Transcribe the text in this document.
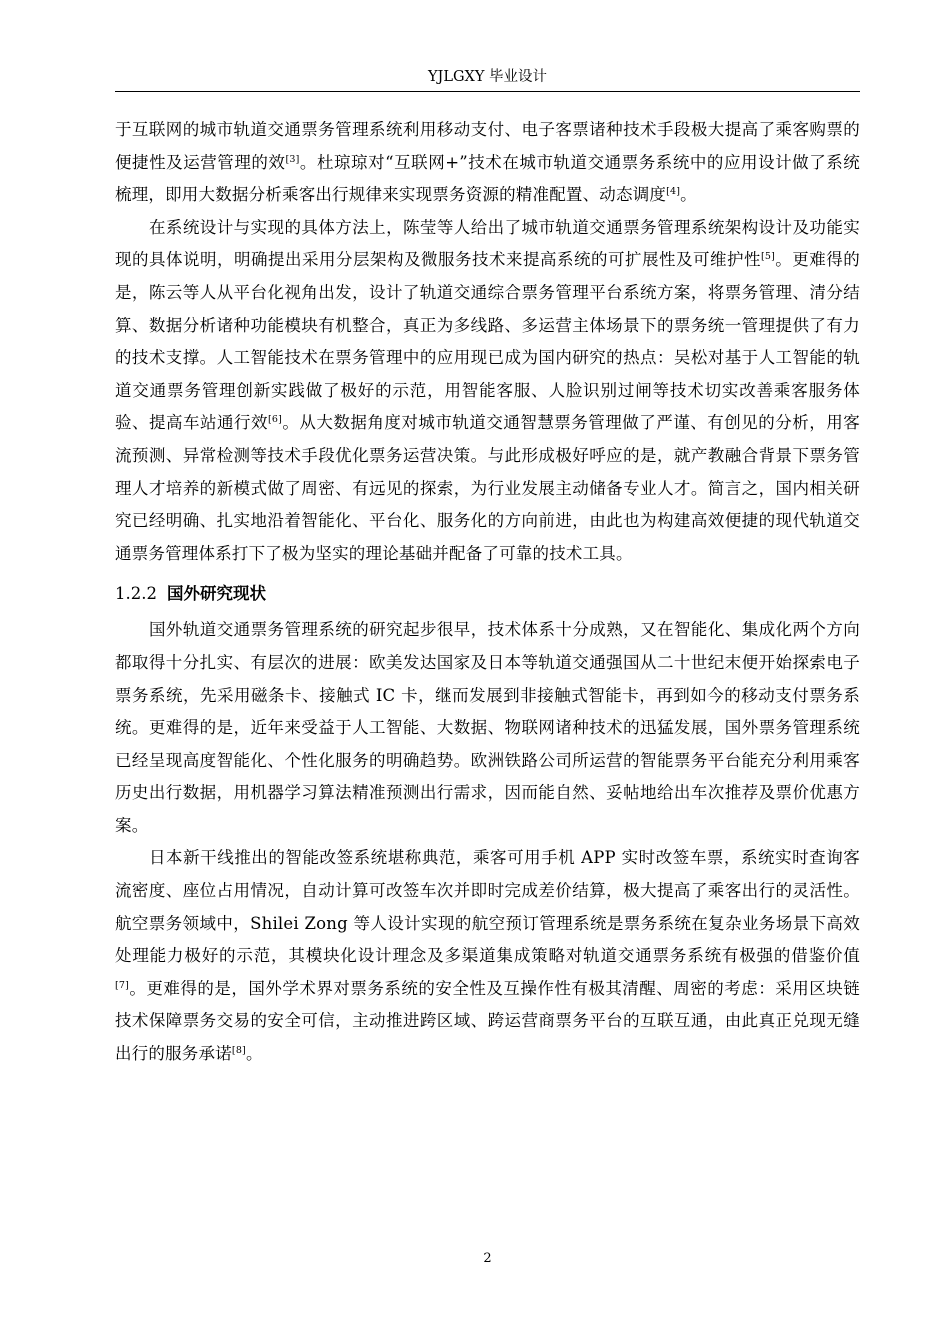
YJLGXY 毕业设计

于互联网的城市轨道交通票务管理系统利用移动支付、电子客票诸种技术手段极大提高了乘客购票的便捷性及运营管理的效[3]。杜琼琼对“互联网+”技术在城市轨道交通票务系统中的应用设计做了系统梳理，即用大数据分析乘客出行规律来实现票务资源的精准配置、动态调度[4]。

在系统设计与实现的具体方法上，陈莹等人给出了城市轨道交通票务管理系统架构设计及功能实现的具体说明，明确提出采用分层架构及微服务技术来提高系统的可扩展性及可维护性[5]。更难得的是，陈云等人从平台化视角出发，设计了轨道交通综合票务管理平台系统方案，将票务管理、清分结算、数据分析诸种功能模块有机整合，真正为多线路、多运营主体场景下的票务统一管理提供了有力的技术支撑。人工智能技术在票务管理中的应用现已成为国内研究的热点：吴松对基于人工智能的轨道交通票务管理创新实践做了极好的示范，用智能客服、人脸识别过闸等技术切实改善乘客服务体验、提高车站通行效[6]。从大数据角度对城市轨道交通智慧票务管理做了严谨、有创见的分析，用客流预测、异常检测等技术手段优化票务运营决策。与此形成极好呼应的是，就产教融合背景下票务管理人才培养的新模式做了周密、有远见的探索，为行业发展主动储备专业人才。简言之，国内相关研究已经明确、扎实地沿着智能化、平台化、服务化的方向前进，由此也为构建高效便捷的现代轨道交通票务管理体系打下了极为坚实的理论基础并配备了可靠的技术工具。

1.2.2 国外研究现状

国外轨道交通票务管理系统的研究起步很早，技术体系十分成熟，又在智能化、集成化两个方向都取得十分扎实、有层次的进展：欧美发达国家及日本等轨道交通强国从二十世纪末便开始探索电子票务系统，先采用磁条卡、接触式 IC 卡，继而发展到非接触式智能卡，再到如今的移动支付票务系统。更难得的是，近年来受益于人工智能、大数据、物联网诸种技术的迅猛发展，国外票务管理系统已经呈现高度智能化、个性化服务的明确趋势。欧洲铁路公司所运营的智能票务平台能充分利用乘客历史出行数据，用机器学习算法精准预测出行需求，因而能自然、妥帖地给出车次推荐及票价优惠方案。

日本新干线推出的智能改签系统堪称典范，乘客可用手机 APP 实时改签车票，系统实时查询客流密度、座位占用情况，自动计算可改签车次并即时完成差价结算，极大提高了乘客出行的灵活性。航空票务领域中，Shilei Zong 等人设计实现的航空预订管理系统是票务系统在复杂业务场景下高效处理能力极好的示范，其模块化设计理念及多渠道集成策略对轨道交通票务系统有极强的借鉴价值[7]。更难得的是，国外学术界对票务系统的安全性及互操作性有极其清醒、周密的考虑：采用区块链技术保障票务交易的安全可信，主动推进跨区域、跨运营商票务平台的互联互通，由此真正兑现无缝出行的服务承诺[8]。

2
